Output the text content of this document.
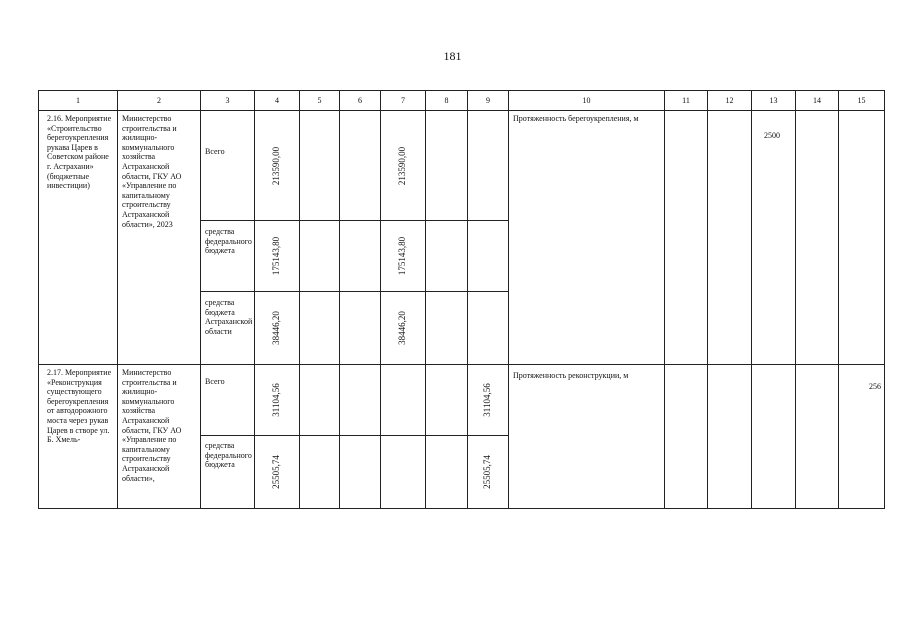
181
1	2	3	4	5	6	7	8	9	10	11	12	13	14	15

2.16. Мероприятие «Строительство берегоукрепления рукава Царев в Советском районе г. Астрахани» (бюджетные инвестиции)	Министерство строительства и жилищно-коммунального хозяйства Астраханской области, ГКУ АО «Управление по капитальному строительству Астраханской области», 2023	Всего	213590,00			213590,00			Протяженность берегоукрепления, м			2500		

		средства федерального бюджета	175143,80			175143,80								

		средства бюджета Астраханской области	38446,20			38446,20								

2.17. Мероприятие «Реконструкция существующего берегоукрепления от автодорожного моста через рукав Царев в створе ул. Б. Хмель-	Министерство строительства и жилищно-коммунального хозяйства Астраханской области, ГКУ АО «Управление по капитальному строительству Астраханской области»,	Всего	31104,56					31104,56	Протяженность реконструкции, м					256

		средства федерального бюджета	25505,74					25505,74						
